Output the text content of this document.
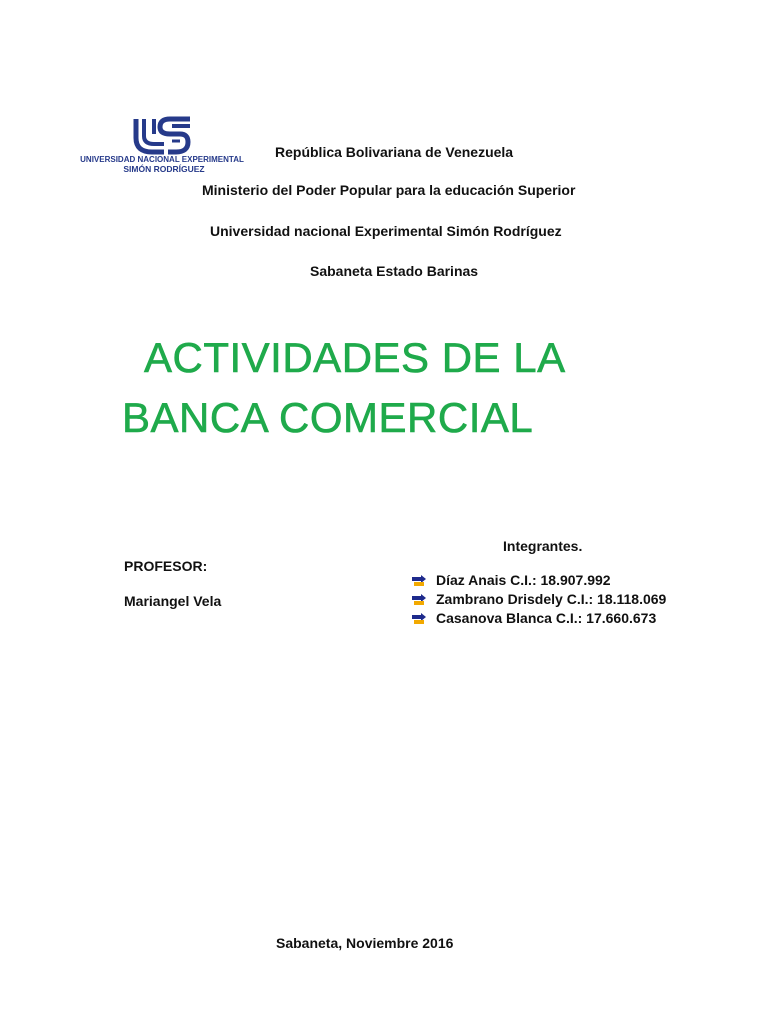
UNIVERSIDAD NACIONAL EXPERIMENTAL
SIMÓN RODRÍGUEZ
República Bolivariana de Venezuela
Ministerio del Poder Popular para la educación Superior
Universidad nacional Experimental Simón Rodríguez
Sabaneta Estado Barinas
ACTIVIDADES DE LA
BANCA COMERCIAL
Integrantes.
PROFESOR:
Mariangel Vela
Díaz Anais C.I.: 18.907.992
Zambrano Drisdely C.I.: 18.118.069
Casanova Blanca C.I.: 17.660.673
Sabaneta, Noviembre 2016
